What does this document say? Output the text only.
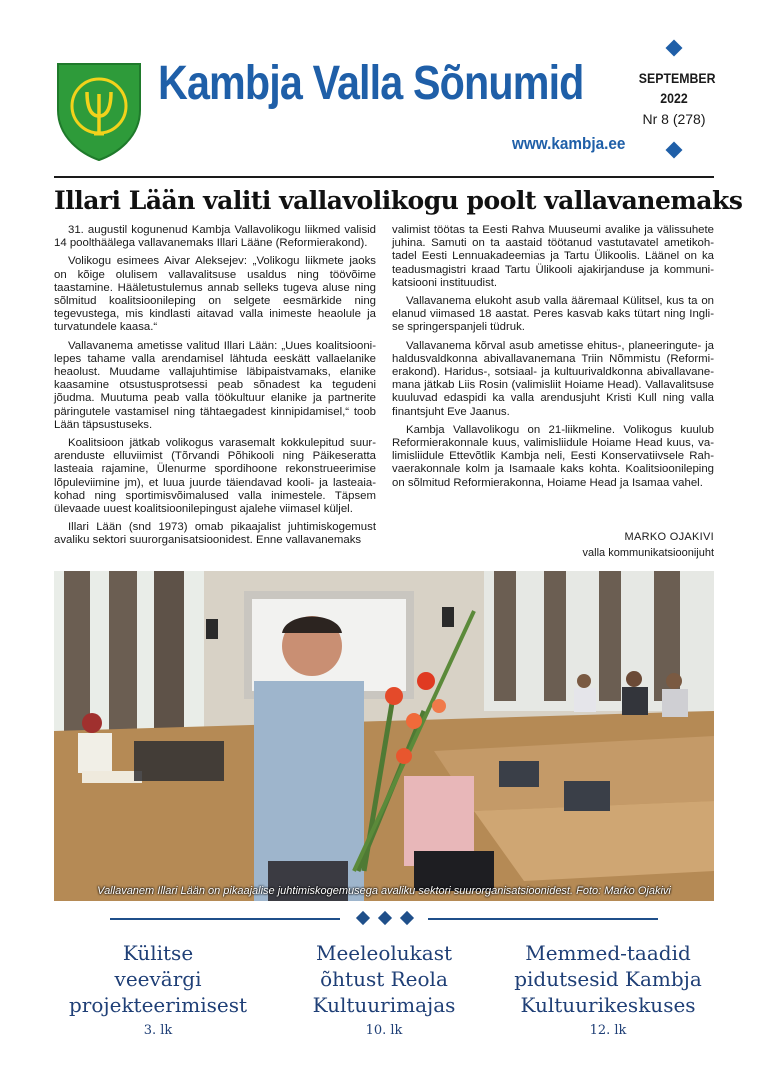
Kambja Valla Sõnumid
www.kambja.ee
SEPTEMBER
2022
Nr 8 (278)
Illari Lään valiti vallavolikogu poolt vallavanemaks

31. augustil kogunenud Kambja Vallavolikogu liikmed valisid 14 poolthäälega vallavanemaks Illari Lääne (Reformierakond).

Volikogu esimees Aivar Aleksejev: „Volikogu liikmete jaoks on kõige olulisem vallavalitsuse usaldus ning töövõime taastamine. Hääletustulemus annab selleks tugeva aluse ning sõlmitud koalitsioonileping on selgete eesmärkide ning tegevustega, mis kindlasti aitavad valla inimeste heaolule ja turvatundele kaasa.“

Vallavanema ametisse valitud Illari Lään: „Uues koalitsioonilepes tahame valla arendamisel lähtuda eeskätt vallaelanike heaolust. Muudame vallajuhtimise läbipaistvamaks, elanike kaasamine otsustusprotsessi peab sõnadest ka tegudeni jõudma. Muutuma peab valla töökultuur elanike ja partnerite päringutele vastamisel ning tähtaegadest kinnipidamisel,“ toob Lään täpsustuseks.

Koalitsioon jätkab volikogus varasemalt kokkulepitud suurarenduste elluviimist (Tõrvandi Põhikooli ning Päikeseratta lasteaia rajamine, Ülenurme spordihoone rekonstrueerimise lõpuleviimine jm), et luua juurde täiendavad kooli- ja lasteaiakohad ning sportimisvõimalused valla inimestele. Täpsem ülevaade uuest koalitsioonilepingust ajalehe viimasel küljel.

Illari Lään (snd 1973) omab pikaajalist juhtimiskogemust avaliku sektori suurorganisatsioonidest. Enne vallavanemaks

valimist töötas ta Eesti Rahva Muuseumi avalike ja välissuhete juhina. Samuti on ta aastaid töötanud vastutavatel ametikohtadel Eesti Lennuakadeemias ja Tartu Ülikoolis. Läänel on ka teadusmagistri kraad Tartu Ülikooli ajakirjanduse ja kommunikatsiooni instituudist.

Vallavanema elukoht asub valla ääremaal Külitsel, kus ta on elanud viimased 18 aastat. Peres kasvab kaks tütart ning Inglise springerspanjeli tüdruk.

Vallavanema kõrval asub ametisse ehitus-, planeeringute- ja haldusvaldkonna abivallavanemana Triin Nõmmistu (Reformierakond). Haridus-, sotsiaal- ja kultuurivaldkonna abivallavanemana jätkab Liis Rosin (valimisliit Hoiame Head). Vallavalitsuse kuuluvad edaspidi ka valla arendusjuht Kristi Kull ning valla finantsjuht Eve Jaanus.

Kambja Vallavolikogu on 21-liikmeline. Volikogus kuulub Reformierakonnale kuus, valimisliidule Hoiame Head kuus, valimisliidule Ettevõtlik Kambja neli, Eesti Konservatiivsele Rahvaerakonnale kolm ja Isamaale kaks kohta. Koalitsioonileping on sõlmitud Reformierakonna, Hoiame Head ja Isamaa vahel.

MARKO OJAKIVI
valla kommunikatsioonijuht
Vallavanem Illari Lään on pikaajalise juhtimiskogemusega avaliku sektori suurorganisatsioonidest. Foto: Marko Ojakivi
Külitse
veevärgi
projekteerimisest
3. lk
Meeleolukast
õhtust Reola
Kultuurimajas
10. lk
Memmed-taadid
pidutsesid Kambja
Kultuurikeskuses
12. lk
